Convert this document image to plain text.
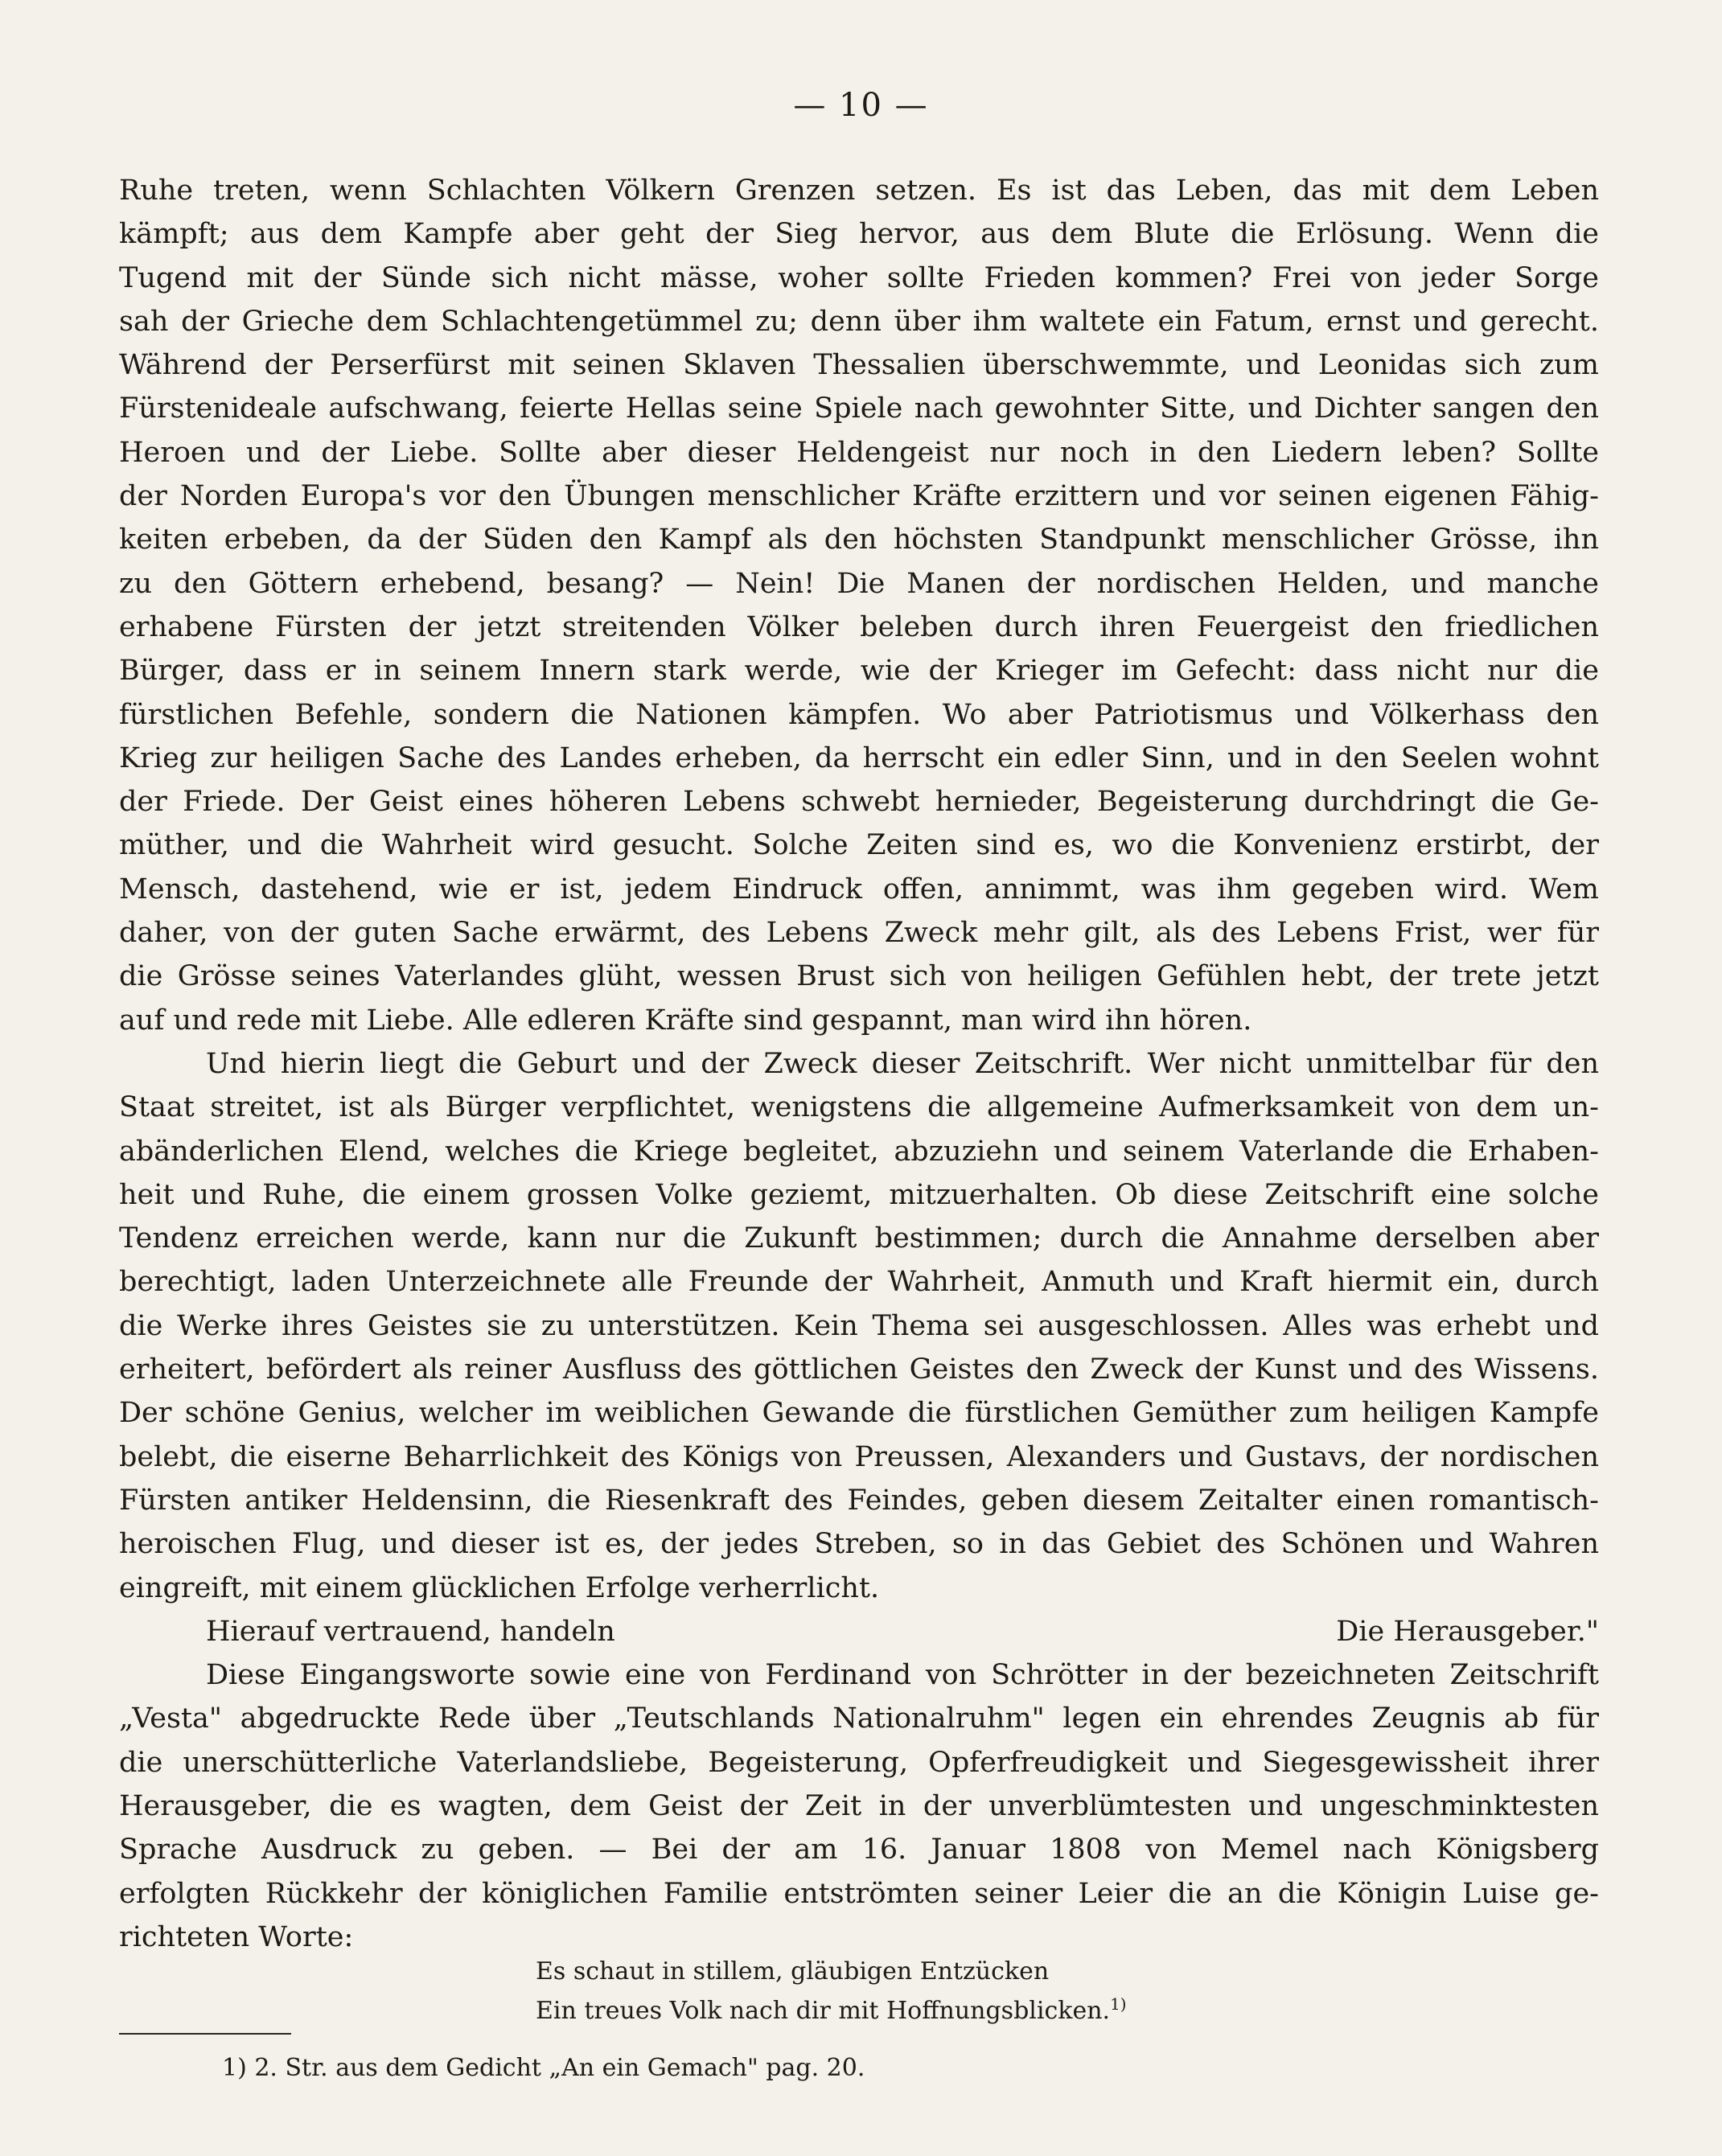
— 10 —
Ruhe treten, wenn Schlachten Völkern Grenzen setzen. Es ist das Leben, das mit dem Leben
kämpft; aus dem Kampfe aber geht der Sieg hervor, aus dem Blute die Erlösung. Wenn die
Tugend mit der Sünde sich nicht mässe, woher sollte Frieden kommen? Frei von jeder Sorge
sah der Grieche dem Schlachtengetümmel zu; denn über ihm waltete ein Fatum, ernst und gerecht.
Während der Perserfürst mit seinen Sklaven Thessalien überschwemmte, und Leonidas sich zum
Fürstenideale aufschwang, feierte Hellas seine Spiele nach gewohnter Sitte, und Dichter sangen den
Heroen und der Liebe. Sollte aber dieser Heldengeist nur noch in den Liedern leben? Sollte
der Norden Europa's vor den Übungen menschlicher Kräfte erzittern und vor seinen eigenen Fähig-
keiten erbeben, da der Süden den Kampf als den höchsten Standpunkt menschlicher Grösse, ihn
zu den Göttern erhebend, besang? — Nein! Die Manen der nordischen Helden, und manche
erhabene Fürsten der jetzt streitenden Völker beleben durch ihren Feuergeist den friedlichen
Bürger, dass er in seinem Innern stark werde, wie der Krieger im Gefecht: dass nicht nur die
fürstlichen Befehle, sondern die Nationen kämpfen. Wo aber Patriotismus und Völkerhass den
Krieg zur heiligen Sache des Landes erheben, da herrscht ein edler Sinn, und in den Seelen wohnt
der Friede. Der Geist eines höheren Lebens schwebt hernieder, Begeisterung durchdringt die Ge-
müther, und die Wahrheit wird gesucht. Solche Zeiten sind es, wo die Konvenienz erstirbt, der
Mensch, dastehend, wie er ist, jedem Eindruck offen, annimmt, was ihm gegeben wird. Wem
daher, von der guten Sache erwärmt, des Lebens Zweck mehr gilt, als des Lebens Frist, wer für
die Grösse seines Vaterlandes glüht, wessen Brust sich von heiligen Gefühlen hebt, der trete jetzt
auf und rede mit Liebe. Alle edleren Kräfte sind gespannt, man wird ihn hören.
Und hierin liegt die Geburt und der Zweck dieser Zeitschrift. Wer nicht unmittelbar für den
Staat streitet, ist als Bürger verpflichtet, wenigstens die allgemeine Aufmerksamkeit von dem un-
abänderlichen Elend, welches die Kriege begleitet, abzuziehn und seinem Vaterlande die Erhaben-
heit und Ruhe, die einem grossen Volke geziemt, mitzuerhalten. Ob diese Zeitschrift eine solche
Tendenz erreichen werde, kann nur die Zukunft bestimmen; durch die Annahme derselben aber
berechtigt, laden Unterzeichnete alle Freunde der Wahrheit, Anmuth und Kraft hiermit ein, durch
die Werke ihres Geistes sie zu unterstützen. Kein Thema sei ausgeschlossen. Alles was erhebt und
erheitert, befördert als reiner Ausfluss des göttlichen Geistes den Zweck der Kunst und des Wissens.
Der schöne Genius, welcher im weiblichen Gewande die fürstlichen Gemüther zum heiligen Kampfe
belebt, die eiserne Beharrlichkeit des Königs von Preussen, Alexanders und Gustavs, der nordischen
Fürsten antiker Heldensinn, die Riesenkraft des Feindes, geben diesem Zeitalter einen romantisch-
heroischen Flug, und dieser ist es, der jedes Streben, so in das Gebiet des Schönen und Wahren
eingreift, mit einem glücklichen Erfolge verherrlicht.
Hierauf vertrauend, handeln	Die Herausgeber."
Diese Eingangsworte sowie eine von Ferdinand von Schrötter in der bezeichneten Zeitschrift
„Vesta" abgedruckte Rede über „Teutschlands Nationalruhm" legen ein ehrendes Zeugnis ab für
die unerschütterliche Vaterlandsliebe, Begeisterung, Opferfreudigkeit und Siegesgewissheit ihrer
Herausgeber, die es wagten, dem Geist der Zeit in der unverblümtesten und ungeschminktesten
Sprache Ausdruck zu geben. — Bei der am 16. Januar 1808 von Memel nach Königsberg
erfolgten Rückkehr der königlichen Familie entströmten seiner Leier die an die Königin Luise ge-
richteten Worte:
Es schaut in stillem, gläubigen Entzücken
Ein treues Volk nach dir mit Hoffnungsblicken.$^{1)}$
1) 2. Str. aus dem Gedicht „An ein Gemach" pag. 20.
